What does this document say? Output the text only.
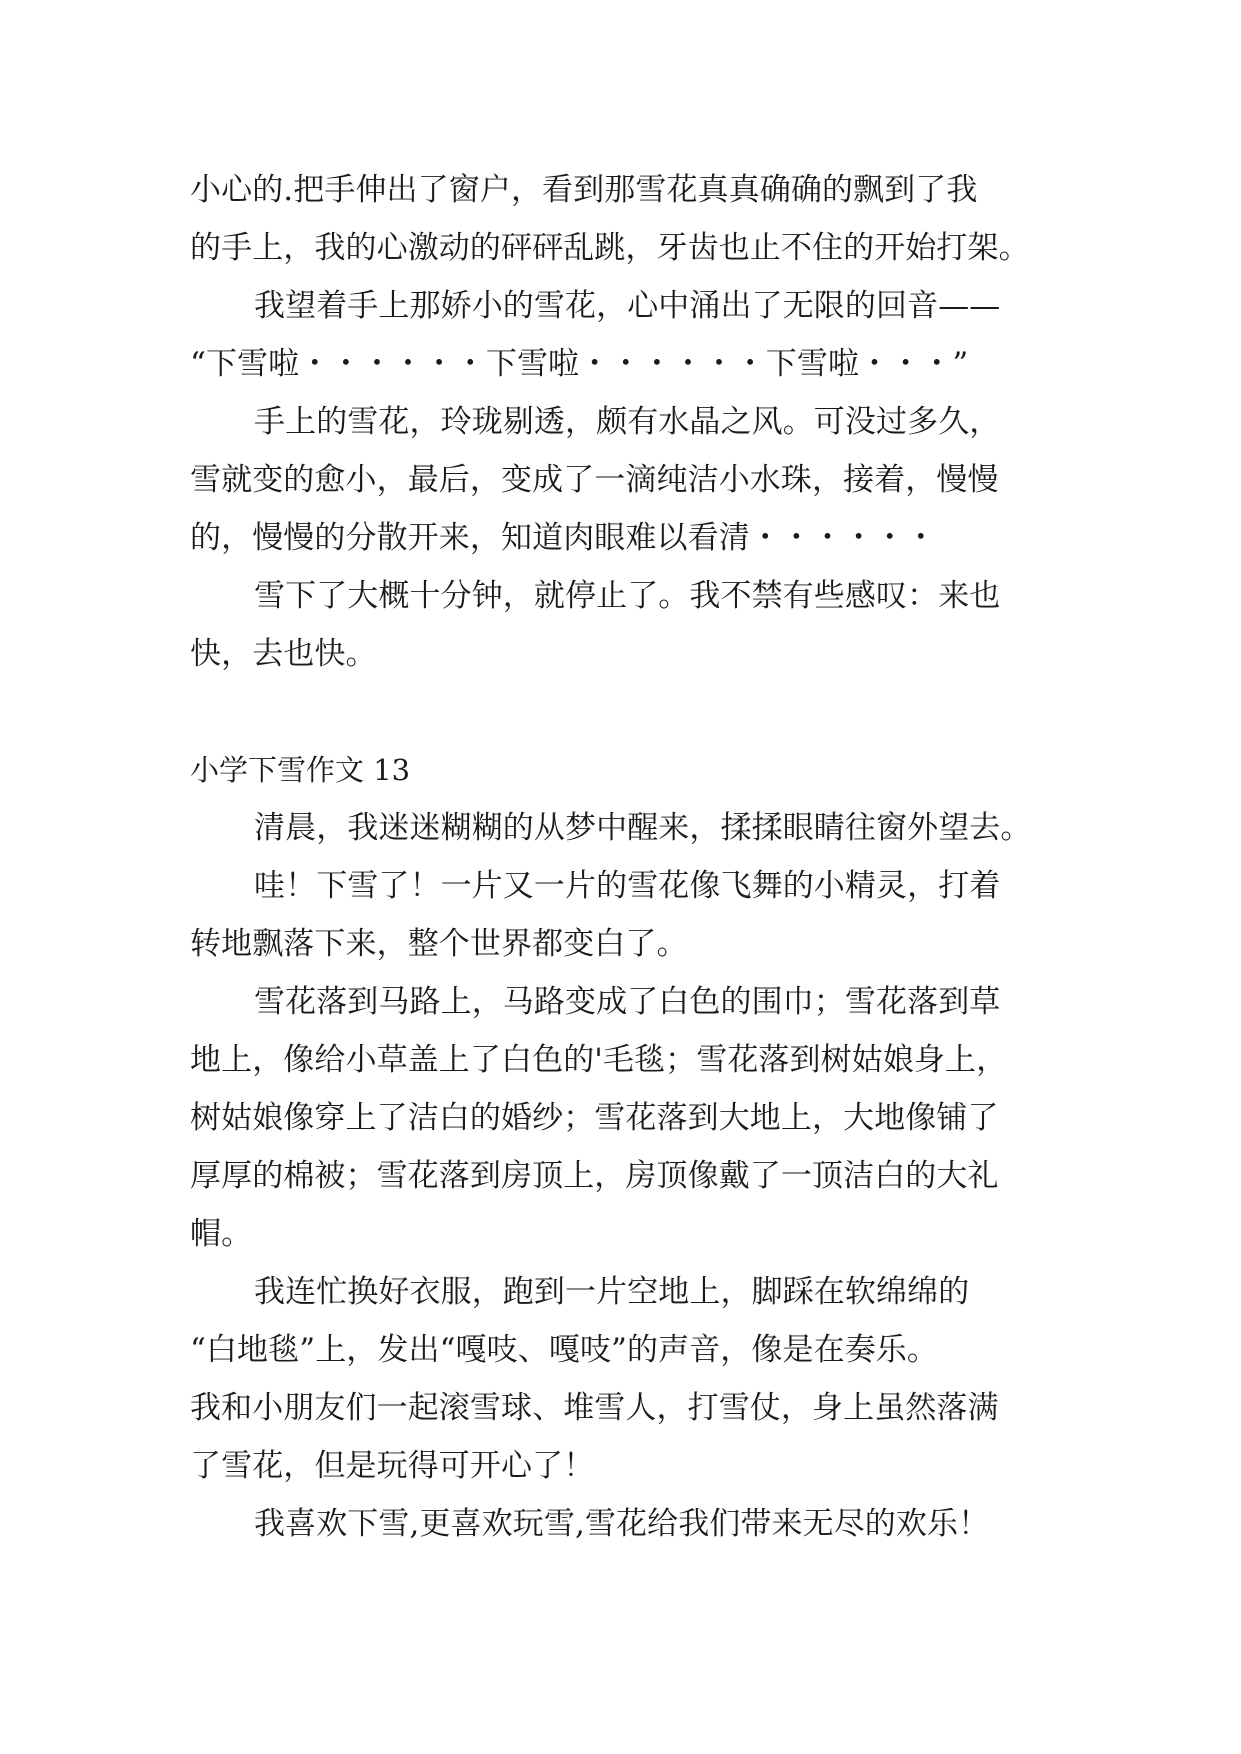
小心的.把手伸出了窗户，看到那雪花真真确确的飘到了我
的手上，我的心激动的砰砰乱跳，牙齿也止不住的开始打架。
我望着手上那娇小的雪花，心中涌出了无限的回音——
“下雪啦・・・・・・下雪啦・・・・・・下雪啦・・・”
手上的雪花，玲珑剔透，颇有水晶之风。可没过多久，
雪就变的愈小，最后，变成了一滴纯洁小水珠，接着，慢慢
的，慢慢的分散开来，知道肉眼难以看清・・・・・・
雪下了大概十分钟，就停止了。我不禁有些感叹：来也
快，去也快。
小学下雪作文 13
清晨，我迷迷糊糊的从梦中醒来，揉揉眼睛往窗外望去。
哇！下雪了！一片又一片的雪花像飞舞的小精灵，打着
转地飘落下来，整个世界都变白了。
雪花落到马路上，马路变成了白色的围巾；雪花落到草
地上，像给小草盖上了白色的'毛毯；雪花落到树姑娘身上，
树姑娘像穿上了洁白的婚纱；雪花落到大地上，大地像铺了
厚厚的棉被；雪花落到房顶上，房顶像戴了一顶洁白的大礼
帽。
我连忙换好衣服，跑到一片空地上，脚踩在软绵绵的
“白地毯”上，发出“嘎吱、嘎吱”的声音，像是在奏乐。
我和小朋友们一起滚雪球、堆雪人，打雪仗，身上虽然落满
了雪花，但是玩得可开心了！
我喜欢下雪,更喜欢玩雪,雪花给我们带来无尽的欢乐！
